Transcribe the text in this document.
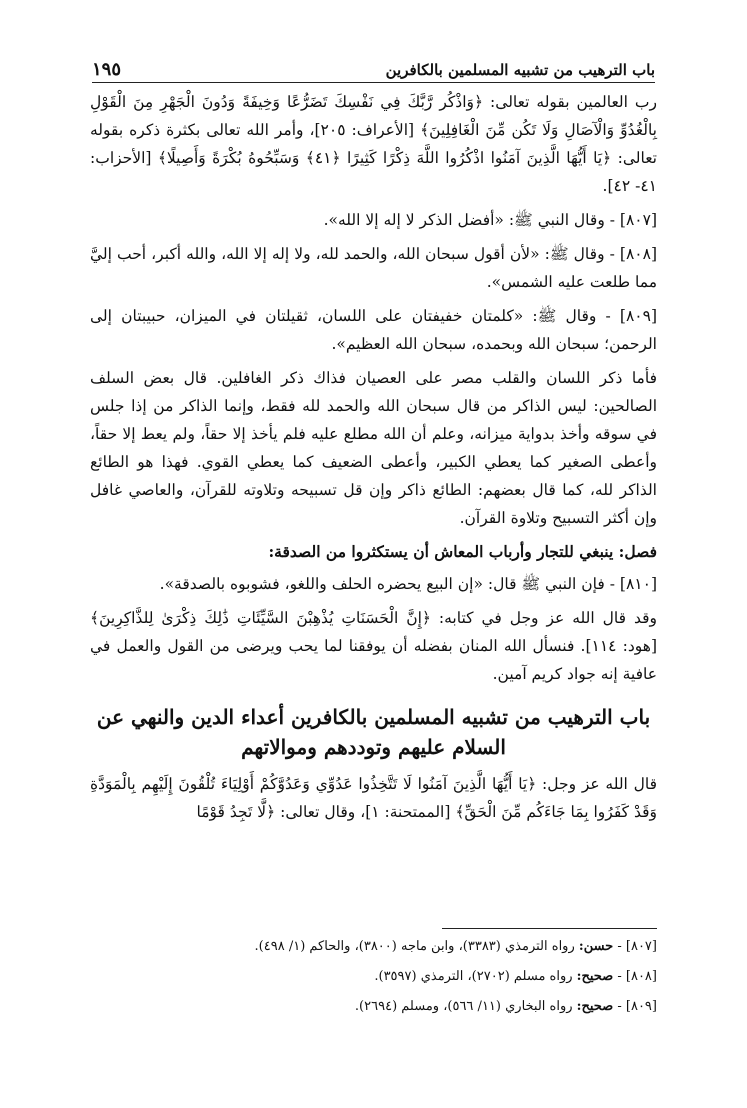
باب الترهيب من تشبيه المسلمين بالكافرين
١٩٥

رب العالمين بقوله تعالى: ﴿وَاذْكُر رَّبَّكَ فِي نَفْسِكَ تَضَرُّعًا وَخِيفَةً وَدُونَ الْجَهْرِ مِنَ الْقَوْلِ بِالْغُدُوِّ وَالْآصَالِ وَلَا تَكُن مِّنَ الْغَافِلِينَ﴾ [الأعراف: ٢٠٥]، وأمر الله تعالى بكثرة ذكره بقوله تعالى: ﴿يَا أَيُّهَا الَّذِينَ آمَنُوا اذْكُرُوا اللَّهَ ذِكْرًا كَثِيرًا ﴿٤١﴾ وَسَبِّحُوهُ بُكْرَةً وَأَصِيلًا﴾ [الأحزاب: ٤١- ٤٢].

[٨٠٧] - وقال النبي ﷺ: «أفضل الذكر لا إله إلا الله».

[٨٠٨] - وقال ﷺ: «لأن أقول سبحان الله، والحمد لله، ولا إله إلا الله، والله أكبر، أحب إليَّ مما طلعت عليه الشمس».

[٨٠٩] - وقال ﷺ: «كلمتان خفيفتان على اللسان، ثقيلتان في الميزان، حبيبتان إلى الرحمن؛ سبحان الله وبحمده، سبحان الله العظيم».

فأما ذكر اللسان والقلب مصر على العصيان فذاك ذكر الغافلين. قال بعض السلف الصالحين: ليس الذاكر من قال سبحان الله والحمد لله فقط، وإنما الذاكر من إذا جلس في سوقه وأخذ بدواية ميزانه، وعلم أن الله مطلع عليه فلم يأخذ إلا حقاً، ولم يعط إلا حقاً، وأعطى الصغير كما يعطي الكبير، وأعطى الضعيف كما يعطي القوي. فهذا هو الطائع الذاكر لله، كما قال بعضهم: الطائع ذاكر وإن قل تسبيحه وتلاوته للقرآن، والعاصي غافل وإن أكثر التسبيح وتلاوة القرآن.

فصل: ينبغي للتجار وأرباب المعاش أن يستكثروا من الصدقة:

[٨١٠] - فإن النبي ﷺ قال: «إن البيع يحضره الحلف واللغو، فشوبوه بالصدقة».

وقد قال الله عز وجل في كتابه: ﴿إِنَّ الْحَسَنَاتِ يُذْهِبْنَ السَّيِّئَاتِ ذَٰلِكَ ذِكْرَىٰ لِلذَّاكِرِينَ﴾ [هود: ١١٤]. فنسأل الله المنان بفضله أن يوفقنا لما يحب ويرضى من القول والعمل في عافية إنه جواد كريم آمين.

باب الترهيب من تشبيه المسلمين بالكافرين أعداء الدين والنهي عن السلام عليهم وتوددهم وموالاتهم

قال الله عز وجل: ﴿يَا أَيُّهَا الَّذِينَ آمَنُوا لَا تَتَّخِذُوا عَدُوِّي وَعَدُوَّكُمْ أَوْلِيَاءَ تُلْقُونَ إِلَيْهِم بِالْمَوَدَّةِ وَقَدْ كَفَرُوا بِمَا جَاءَكُم مِّنَ الْحَقِّ﴾ [الممتحنة: ١]، وقال تعالى: ﴿لَّا تَجِدُ قَوْمًا

[٨٠٧] - حسن: رواه الترمذي (٣٣٨٣)، وابن ماجه (٣٨٠٠)، والحاكم (١/ ٤٩٨).
[٨٠٨] - صحيح: رواه مسلم (٢٧٠٢)، الترمذي (٣٥٩٧).
[٨٠٩] - صحيح: رواه البخاري (١١/ ٥٦٦)، ومسلم (٢٦٩٤).
